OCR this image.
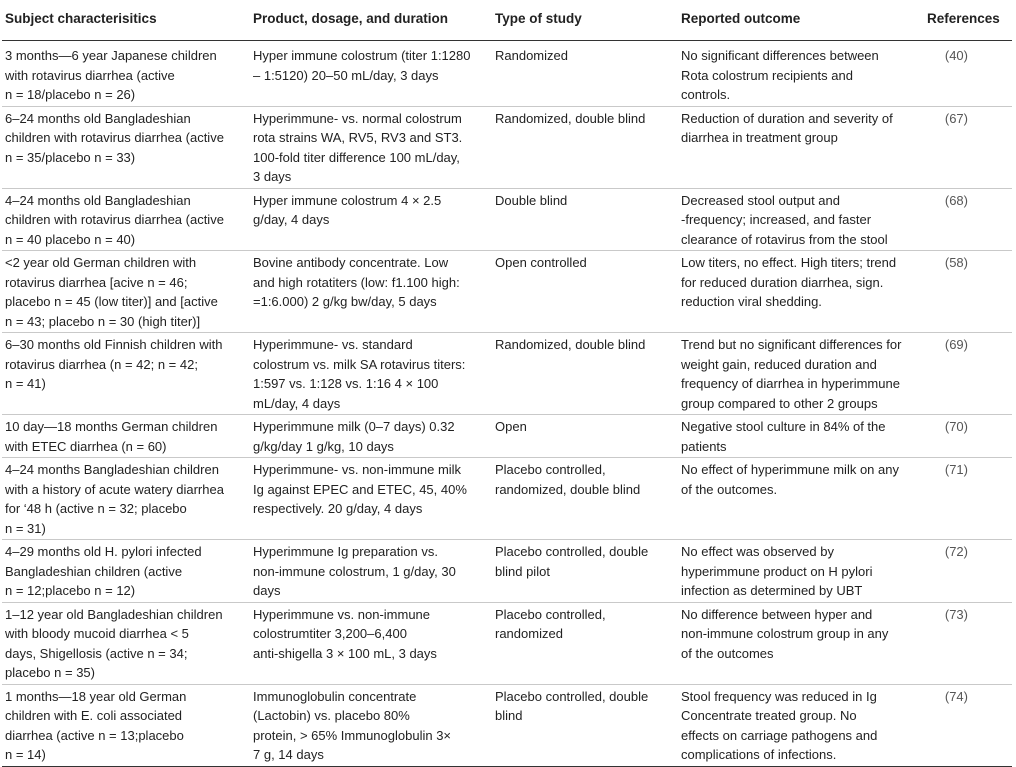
Subject characterisitics	Product, dosage, and duration	Type of study	Reported outcome	References

3 months—6 year Japanese children
with rotavirus diarrhea (active
n = 18/placebo n = 26)	Hyper immune colostrum (titer 1:1280
– 1:5120) 20–50 mL/day, 3 days	Randomized	No significant differences between
Rota colostrum recipients and
controls.	(40)

6–24 months old Bangladeshian
children with rotavirus diarrhea (active
n = 35/placebo n = 33)	Hyperimmune- vs. normal colostrum
rota strains WA, RV5, RV3 and ST3.
100-fold titer difference 100 mL/day,
3 days	Randomized, double blind	Reduction of duration and severity of
diarrhea in treatment group	(67)

4–24 months old Bangladeshian
children with rotavirus diarrhea (active
n = 40 placebo n = 40)	Hyper immune colostrum 4 × 2.5
g/day, 4 days	Double blind	Decreased stool output and
-frequency; increased, and faster
clearance of rotavirus from the stool	(68)

<2 year old German children with
rotavirus diarrhea [acive n = 46;
placebo n = 45 (low titer)] and [active
n = 43; placebo n = 30 (high titer)]	Bovine antibody concentrate. Low
and high rotatiters (low: f1.100 high:
=1:6.000) 2 g/kg bw/day, 5 days	Open controlled	Low titers, no effect. High titers; trend
for reduced duration diarrhea, sign.
reduction viral shedding.	(58)

6–30 months old Finnish children with
rotavirus diarrhea (n = 42; n = 42;
n = 41)	Hyperimmune- vs. standard
colostrum vs. milk SA rotavirus titers:
1:597 vs. 1:128 vs. 1:16 4 × 100
mL/day, 4 days	Randomized, double blind	Trend but no significant differences for
weight gain, reduced duration and
frequency of diarrhea in hyperimmune
group compared to other 2 groups	(69)

10 day—18 months German children
with ETEC diarrhea (n = 60)	Hyperimmune milk (0–7 days) 0.32
g/kg/day 1 g/kg, 10 days	Open	Negative stool culture in 84% of the
patients	(70)

4–24 months Bangladeshian children
with a history of acute watery diarrhea
for ‘48 h (active n = 32; placebo
n = 31)	Hyperimmune- vs. non-immune milk
Ig against EPEC and ETEC, 45, 40%
respectively. 20 g/day, 4 days	Placebo controlled,
randomized, double blind	No effect of hyperimmune milk on any
of the outcomes.	(71)

4–29 months old H. pylori infected
Bangladeshian children (active
n = 12;placebo n = 12)	Hyperimmune Ig preparation vs.
non-immune colostrum, 1 g/day, 30
days	Placebo controlled, double
blind pilot	No effect was observed by
hyperimmune product on H pylori
infection as determined by UBT	(72)

1–12 year old Bangladeshian children
with bloody mucoid diarrhea < 5
days, Shigellosis (active n = 34;
placebo n = 35)	Hyperimmune vs. non-immune
colostrumtiter 3,200–6,400
anti-shigella 3 × 100 mL, 3 days	Placebo controlled,
randomized	No difference between hyper and
non-immune colostrum group in any
of the outcomes	(73)

1 months—18 year old German
children with E. coli associated
diarrhea (active n = 13;placebo
n = 14)	Immunoglobulin concentrate
(Lactobin) vs. placebo 80%
protein, > 65% Immunoglobulin 3×
7 g, 14 days	Placebo controlled, double
blind	Stool frequency was reduced in Ig
Concentrate treated group. No
effects on carriage pathogens and
complications of infections.	(74)
